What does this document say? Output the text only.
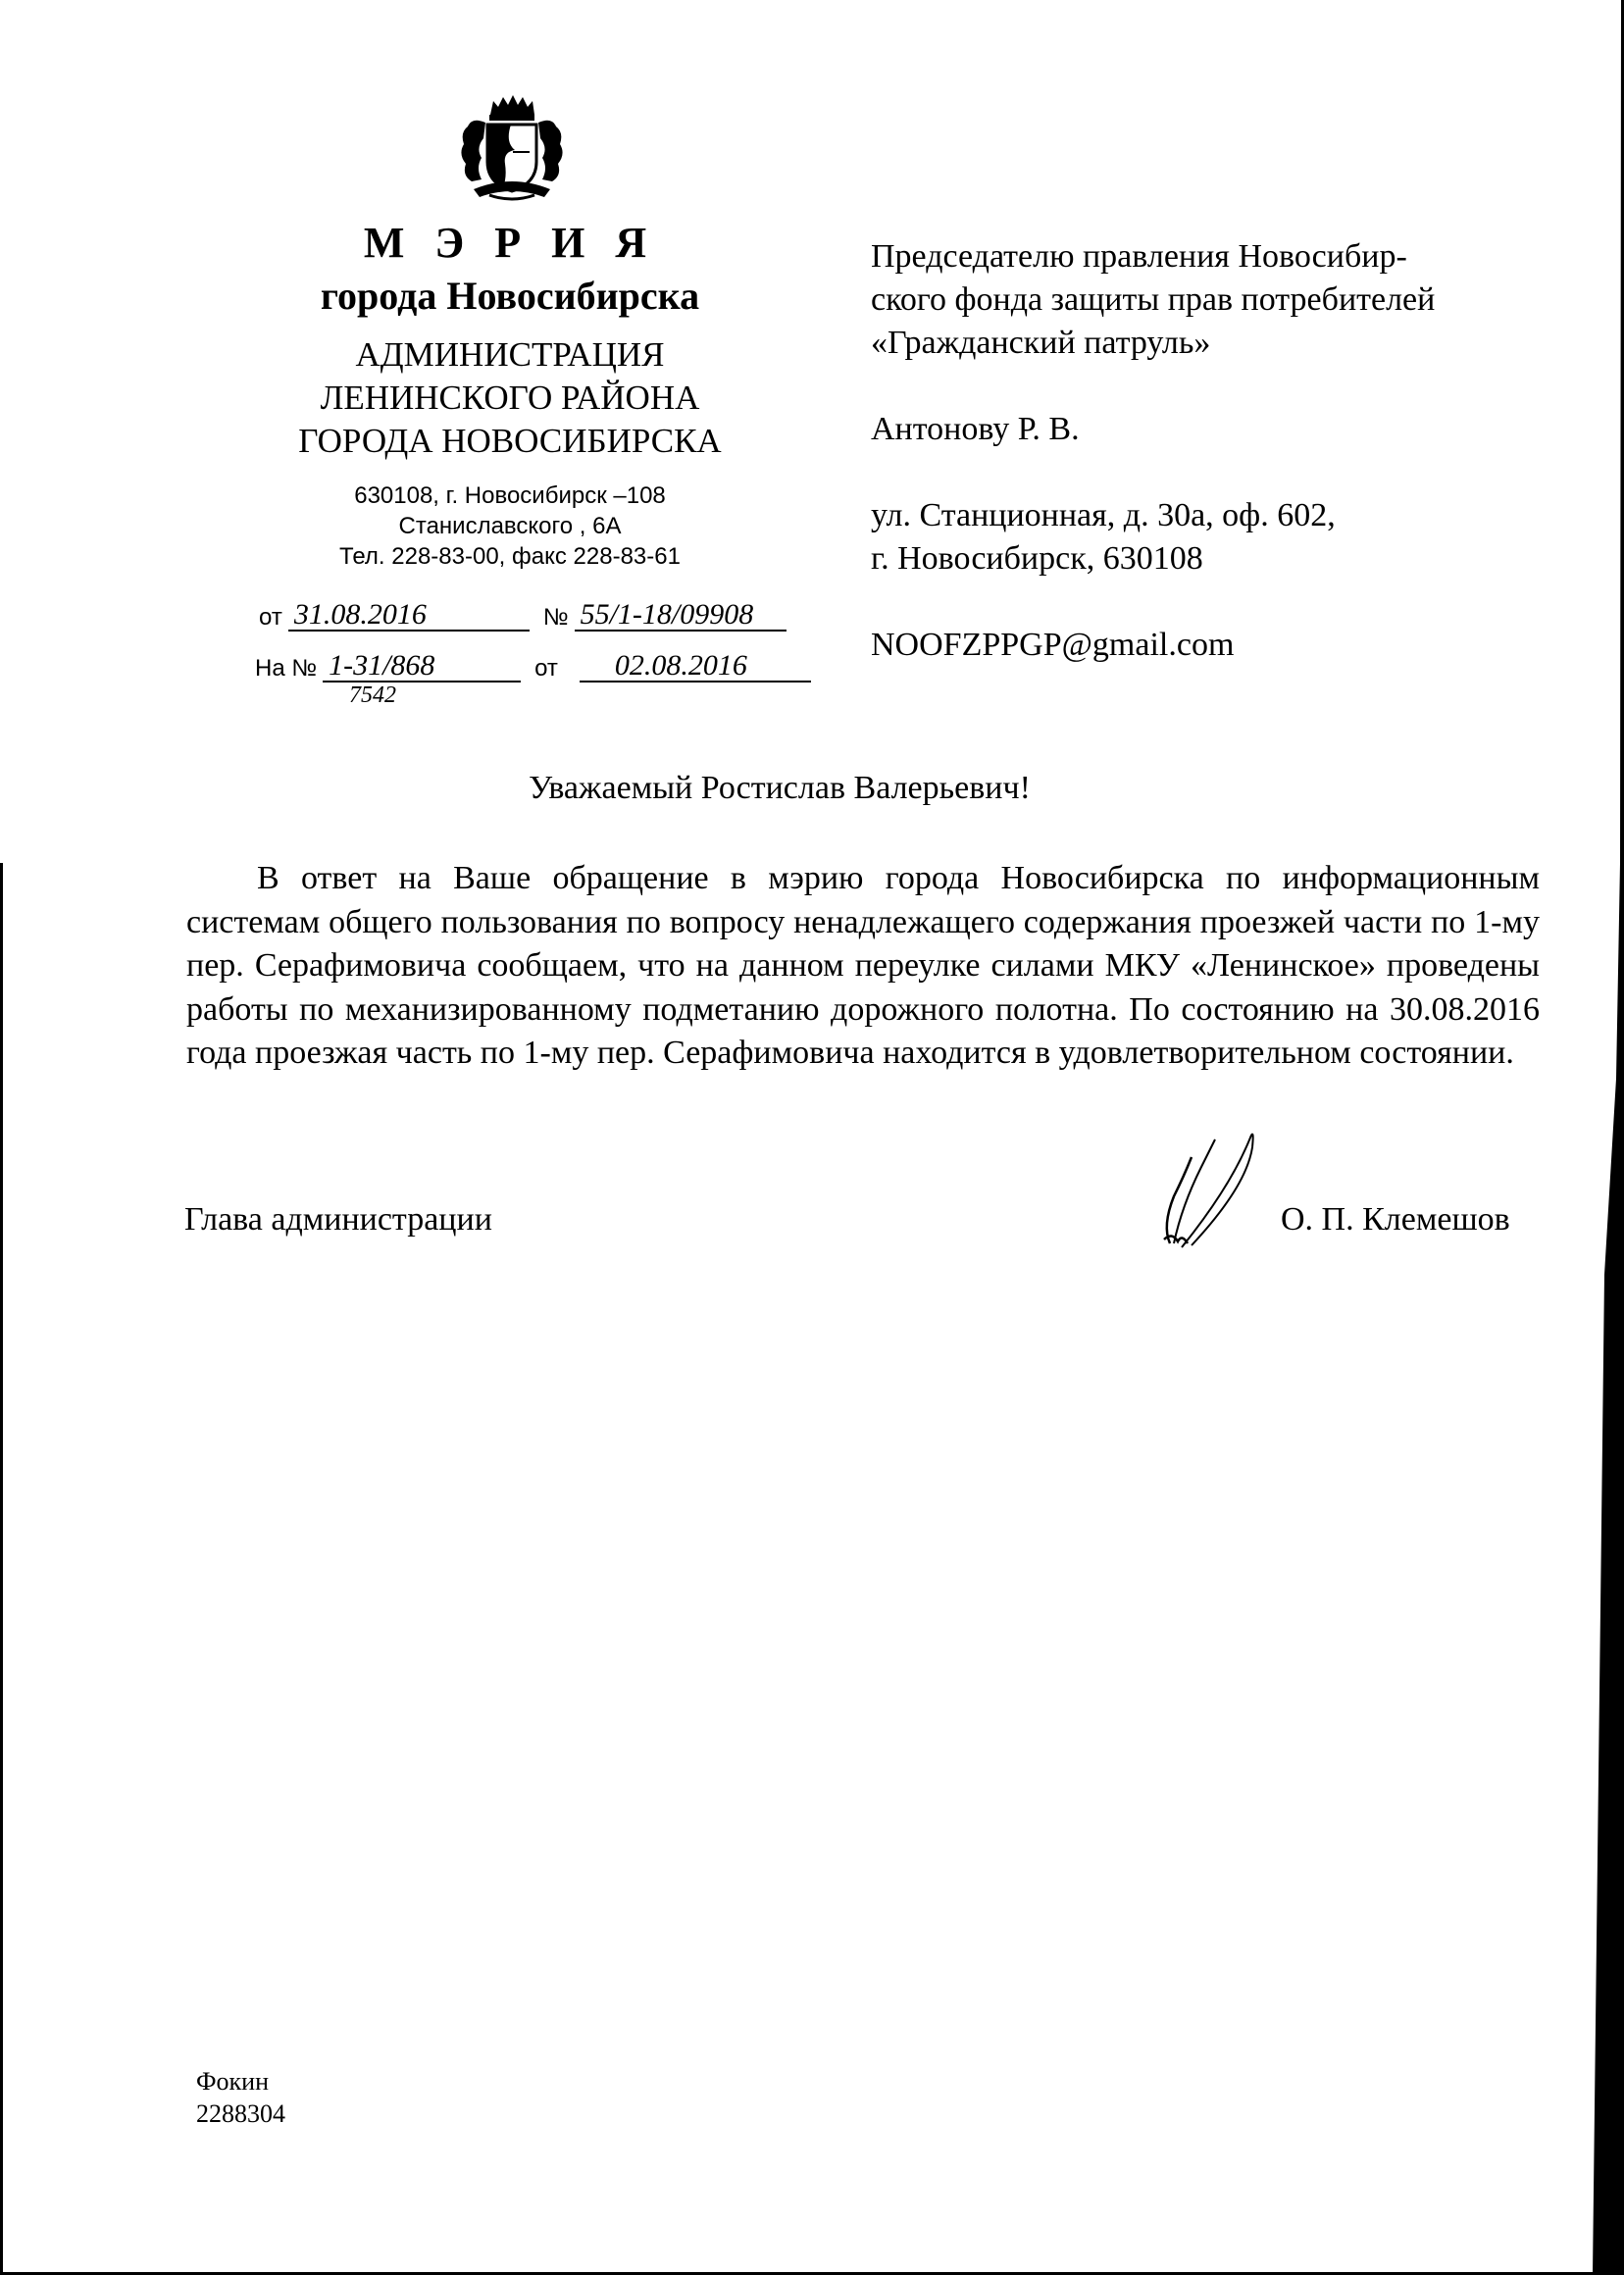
М Э Р И Я
города Новосибирска
АДМИНИСТРАЦИЯ
ЛЕНИНСКОГО РАЙОНА
ГОРОДА НОВОСИБИРСКА
630108, г. Новосибирск –108
Станиславского , 6А
Тел. 228-83-00, факс 228-83-61
от 31.08.2016	№ 55/1-18/09908
На № 1-31/868	от	02.08.2016
7542

Председателю правления Новосибир-

ского фонда защиты прав потребителей

«Гражданский патруль»

Антонову Р. В.

ул. Станционная, д. 30а, оф. 602,

г. Новосибирск, 630108

NOOFZPPGP@gmail.com

Уважаемый Ростислав Валерьевич!

В ответ на Ваше обращение в мэрию города Новосибирска по информационным системам общего пользования по вопросу ненадлежащего содержания проезжей части по 1-му пер. Серафимовича сообщаем, что на данном переулке силами МКУ «Ленинское» проведены работы по механизированному подметанию дорожного полотна. По состоянию на 30.08.2016 года проезжая часть по 1-му пер. Серафимовича находится в удовлетворительном состоянии.

Глава администрации	О. П. Клемешов
Фокин
2288304
